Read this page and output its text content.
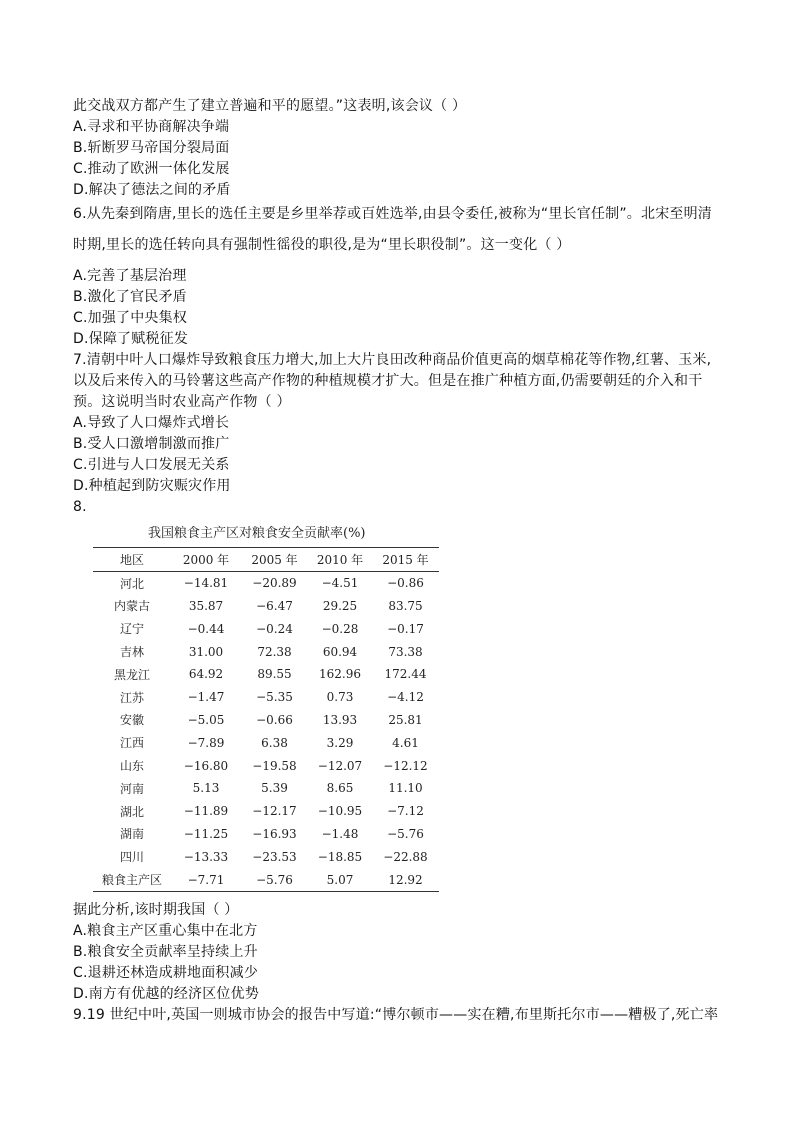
此交战双方都产生了建立普遍和平的愿望。”这表明,该会议（ ）
A.寻求和平协商解决争端
B.斩断罗马帝国分裂局面
C.推动了欧洲一体化发展
D.解决了德法之间的矛盾
6.从先秦到隋唐,里长的选任主要是乡里举荐或百姓选举,由县令委任,被称为“里长官任制”。北宋至明清
时期,里长的选任转向具有强制性徭役的职役,是为“里长职役制”。这一变化（ ）
A.完善了基层治理
B.激化了官民矛盾
C.加强了中央集权
D.保障了赋税征发
7.清朝中叶人口爆炸导致粮食压力增大,加上大片良田改种商品价值更高的烟草棉花等作物,红薯、玉米,
以及后来传入的马铃薯这些高产作物的种植规模才扩大。但是在推广种植方面,仍需要朝廷的介入和干
预。这说明当时农业高产作物（ ）
A.导致了人口爆炸式增长
B.受人口激增制激而推广
C.引进与人口发展无关系
D.种植起到防灾赈灾作用
8.
我国粮食主产区对粮食安全贡献率(%)
地区	2000 年	2005 年	2010 年	2015 年
河北	−14.81	−20.89	−4.51	−0.86
内蒙古	35.87	−6.47	29.25	83.75
辽宁	−0.44	−0.24	−0.28	−0.17
吉林	31.00	72.38	60.94	73.38
黑龙江	64.92	89.55	162.96	172.44
江苏	−1.47	−5.35	0.73	−4.12
安徽	−5.05	−0.66	13.93	25.81
江西	−7.89	6.38	3.29	4.61
山东	−16.80	−19.58	−12.07	−12.12
河南	5.13	5.39	8.65	11.10
湖北	−11.89	−12.17	−10.95	−7.12
湖南	−11.25	−16.93	−1.48	−5.76
四川	−13.33	−23.53	−18.85	−22.88
粮食主产区	−7.71	−5.76	5.07	12.92
据此分析,该时期我国（ ）
A.粮食主产区重心集中在北方
B.粮食安全贡献率呈持续上升
C.退耕还林造成耕地面积减少
D.南方有优越的经济区位优势
9.19 世纪中叶,英国一则城市协会的报告中写道:“博尔顿市——实在糟,布里斯托尔市——糟极了,死亡率
